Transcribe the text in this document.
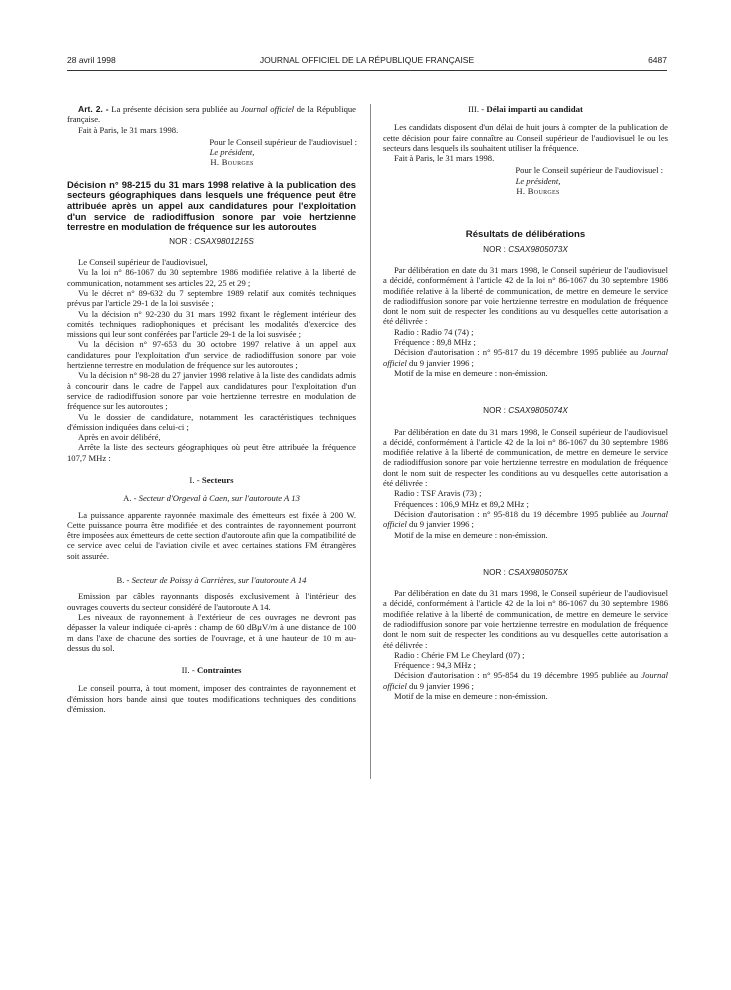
28 avril 1998	JOURNAL OFFICIEL DE LA RÉPUBLIQUE FRANÇAISE	6487

Art. 2. - La présente décision sera publiée au Journal officiel de la République française.

Fait à Paris, le 31 mars 1998.

Pour le Conseil supérieur de l'audiovisuel :
Le président,
H. Bourges
Décision n° 98-215 du 31 mars 1998 relative à la publication des secteurs géographiques dans lesquels une fréquence peut être attribuée après un appel aux candidatures pour l'exploitation d'un service de radiodiffusion sonore par voie hertzienne terrestre en modulation de fréquence sur les autoroutes
NOR : CSAX9801215S

Le Conseil supérieur de l'audiovisuel,

Vu la loi n° 86-1067 du 30 septembre 1986 modifiée relative à la liberté de communication, notamment ses articles 22, 25 et 29 ;

Vu le décret n° 89-632 du 7 septembre 1989 relatif aux comités techniques prévus par l'article 29-1 de la loi susvisée ;

Vu la décision n° 92-230 du 31 mars 1992 fixant le règlement intérieur des comités techniques radiophoniques et précisant les modalités d'exercice des missions qui leur sont conférées par l'article 29-1 de la loi susvisée ;

Vu la décision n° 97-653 du 30 octobre 1997 relative à un appel aux candidatures pour l'exploitation d'un service de radiodiffusion sonore par voie hertzienne terrestre en modulation de fréquence sur les autoroutes ;

Vu la décision n° 98-28 du 27 janvier 1998 relative à la liste des candidats admis à concourir dans le cadre de l'appel aux candidatures pour l'exploitation d'un service de radiodiffusion sonore par voie hertzienne terrestre en modulation de fréquence sur les autoroutes ;

Vu le dossier de candidature, notamment les caractéristiques techniques d'émission indiquées dans celui-ci ;

Après en avoir délibéré,

Arrête la liste des secteurs géographiques où peut être attribuée la fréquence 107,7 MHz :

I. - Secteurs
A. - Secteur d'Orgeval à Caen, sur l'autoroute A 13

La puissance apparente rayonnée maximale des émetteurs est fixée à 200 W. Cette puissance pourra être modifiée et des contraintes de rayonnement pourront être imposées aux émetteurs de cette section d'autoroute afin que la compatibilité de ce service avec celui de l'aviation civile et avec certaines stations FM étrangères soit assurée.

B. - Secteur de Poissy à Carrières, sur l'autoroute A 14

Emission par câbles rayonnants disposés exclusivement à l'intérieur des ouvrages couverts du secteur considéré de l'autoroute A 14.

Les niveaux de rayonnement à l'extérieur de ces ouvrages ne devront pas dépasser la valeur indiquée ci-après : champ de 60 dBµV/m à une distance de 100 m dans l'axe de chacune des sorties de l'ouvrage, et à une hauteur de 10 m au-dessus du sol.

II. - Contraintes

Le conseil pourra, à tout moment, imposer des contraintes de rayonnement et d'émission hors bande ainsi que toutes modifications techniques des conditions d'émission.

III. - Délai imparti au candidat

Les candidats disposent d'un délai de huit jours à compter de la publication de cette décision pour faire connaître au Conseil supérieur de l'audiovisuel le ou les secteurs dans lesquels ils souhaitent utiliser la fréquence.

Fait à Paris, le 31 mars 1998.

Pour le Conseil supérieur de l'audiovisuel :
Le président,
H. Bourges
Résultats de délibérations
NOR : CSAX9805073X

Par délibération en date du 31 mars 1998, le Conseil supérieur de l'audiovisuel a décidé, conformément à l'article 42 de la loi n° 86-1067 du 30 septembre 1986 modifiée relative à la liberté de communication, de mettre en demeure le service de radiodiffusion sonore par voie hertzienne terrestre en modulation de fréquence dont le nom suit de respecter les conditions au vu desquelles cette autorisation a été délivrée :

Radio : Radio 74 (74) ;

Fréquence : 89,8 MHz ;

Décision d'autorisation : n° 95-817 du 19 décembre 1995 publiée au Journal officiel du 9 janvier 1996 ;

Motif de la mise en demeure : non-émission.

NOR : CSAX9805074X

Par délibération en date du 31 mars 1998, le Conseil supérieur de l'audiovisuel a décidé, conformément à l'article 42 de la loi n° 86-1067 du 30 septembre 1986 modifiée relative à la liberté de communication, de mettre en demeure le service de radiodiffusion sonore par voie hertzienne terrestre en modulation de fréquence dont le nom suit de respecter les conditions au vu desquelles cette autorisation a été délivrée :

Radio : TSF Aravis (73) ;

Fréquences : 106,9 MHz et 89,2 MHz ;

Décision d'autorisation : n° 95-818 du 19 décembre 1995 publiée au Journal officiel du 9 janvier 1996 ;

Motif de la mise en demeure : non-émission.

NOR : CSAX9805075X

Par délibération en date du 31 mars 1998, le Conseil supérieur de l'audiovisuel a décidé, conformément à l'article 42 de la loi n° 86-1067 du 30 septembre 1986 modifiée relative à la liberté de communication, de mettre en demeure le service de radiodiffusion sonore par voie hertzienne terrestre en modulation de fréquence dont le nom suit de respecter les conditions au vu desquelles cette autorisation a été délivrée :

Radio : Chérie FM Le Cheylard (07) ;

Fréquence : 94,3 MHz ;

Décision d'autorisation : n° 95-854 du 19 décembre 1995 publiée au Journal officiel du 9 janvier 1996 ;

Motif de la mise en demeure : non-émission.
